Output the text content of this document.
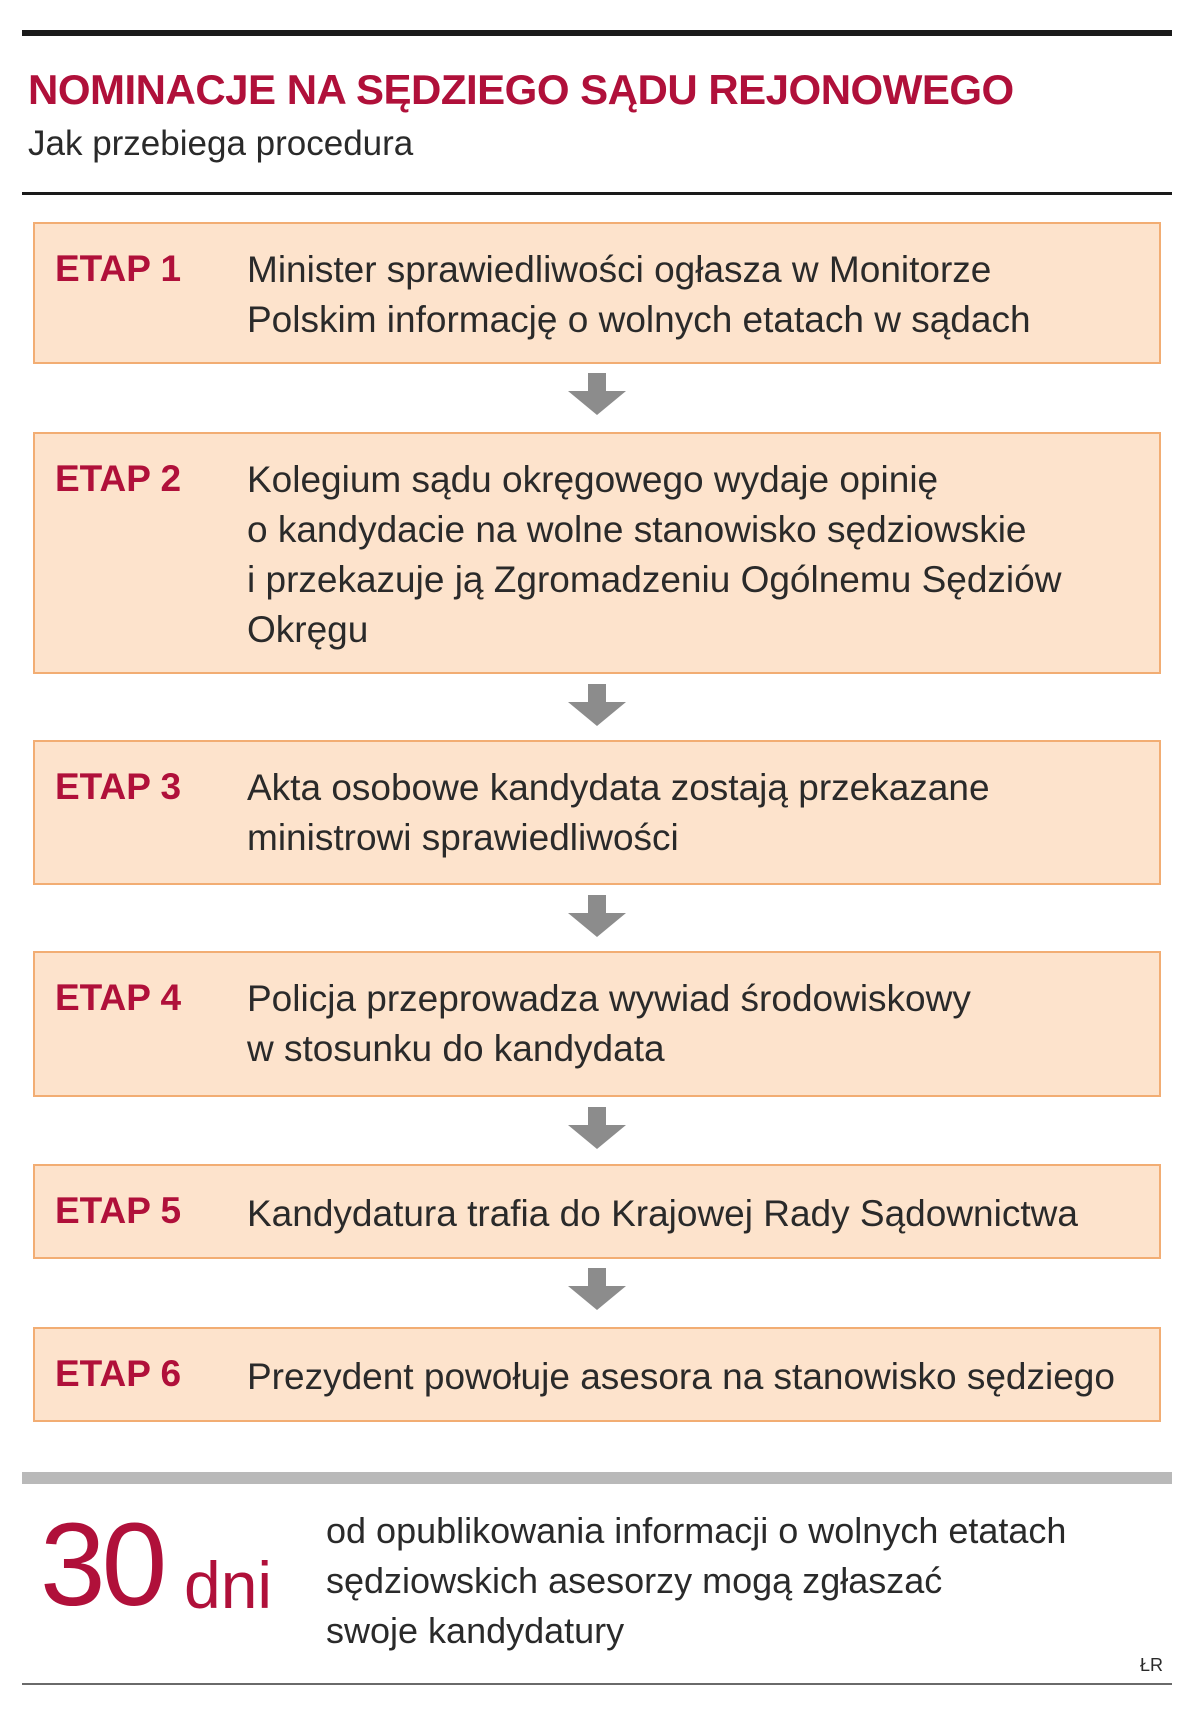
NOMINACJE NA SĘDZIEGO SĄDU REJONOWEGO
Jak przebiega procedura
ETAP 1 Minister sprawiedliwości ogłasza w Monitorze
Polskim informację o wolnych etatach w sądach
ETAP 2 Kolegium sądu okręgowego wydaje opinię
o kandydacie na wolne stanowisko sędziowskie
i przekazuje ją Zgromadzeniu Ogólnemu Sędziów
Okręgu
ETAP 3 Akta osobowe kandydata zostają przekazane
ministrowi sprawiedliwości
ETAP 4 Policja przeprowadza wywiad środowiskowy
w stosunku do kandydata
ETAP 5 Kandydatura trafia do Krajowej Rady Sądownictwa
ETAP 6 Prezydent powołuje asesora na stanowisko sędziego
30 dni
od opublikowania informacji o wolnych etatach
sędziowskich asesorzy mogą zgłaszać
swoje kandydatury
ŁR
